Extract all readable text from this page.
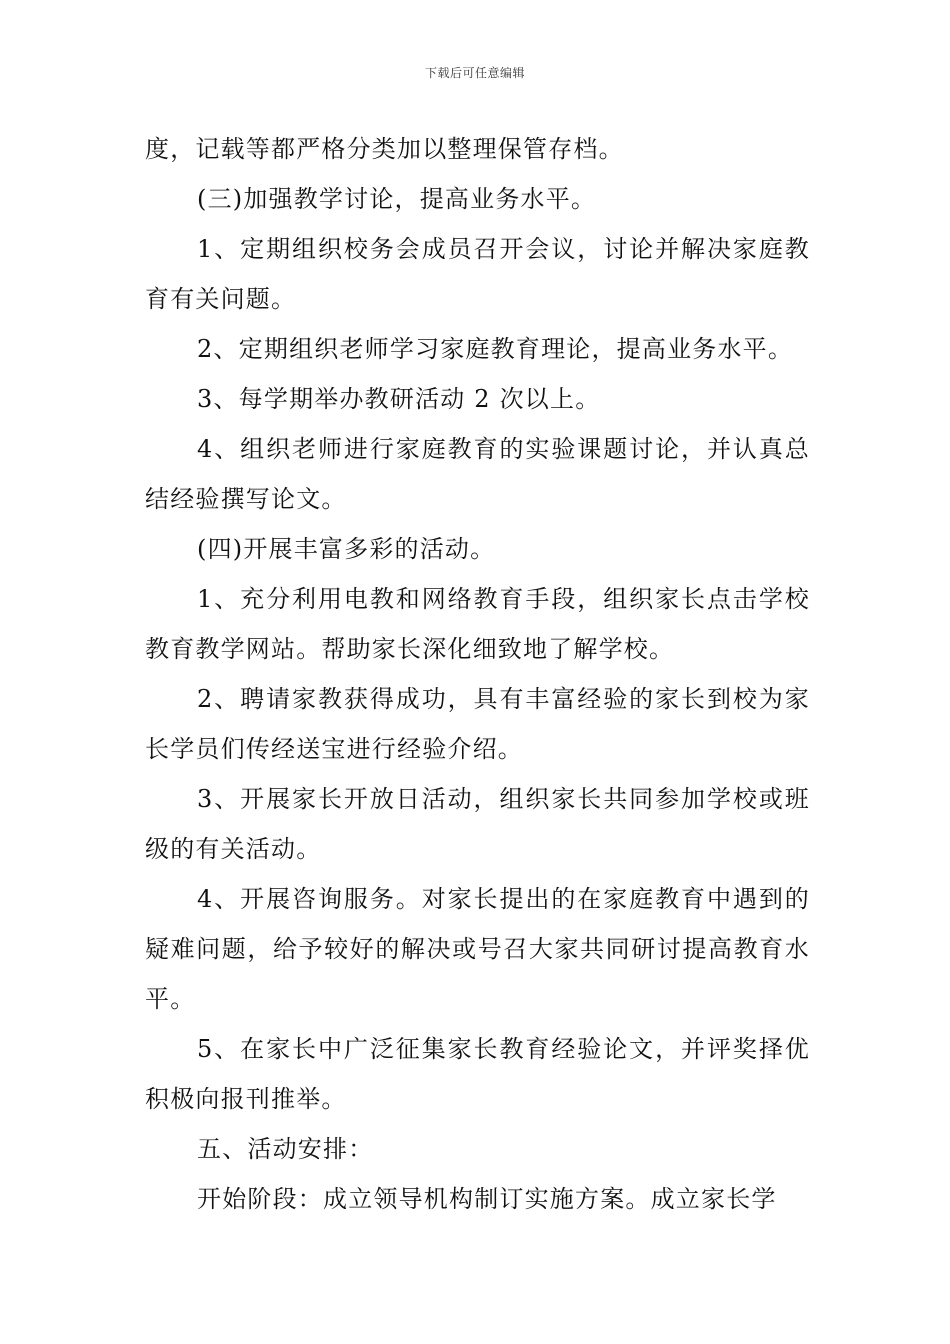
下载后可任意编辑

度，记载等都严格分类加以整理保管存档。

(三)加强教学讨论，提高业务水平。

1、定期组织校务会成员召开会议，讨论并解决家庭教育有关问题。

2、定期组织老师学习家庭教育理论，提高业务水平。

3、每学期举办教研活动 2 次以上。

4、组织老师进行家庭教育的实验课题讨论，并认真总结经验撰写论文。

(四)开展丰富多彩的活动。

1、充分利用电教和网络教育手段，组织家长点击学校教育教学网站。帮助家长深化细致地了解学校。

2、聘请家教获得成功，具有丰富经验的家长到校为家长学员们传经送宝进行经验介绍。

3、开展家长开放日活动，组织家长共同参加学校或班级的有关活动。

4、开展咨询服务。对家长提出的在家庭教育中遇到的疑难问题，给予较好的解决或号召大家共同研讨提高教育水平。

5、在家长中广泛征集家长教育经验论文，并评奖择优积极向报刊推举。

五、活动安排：

开始阶段：成立领导机构制订实施方案。成立家长学
